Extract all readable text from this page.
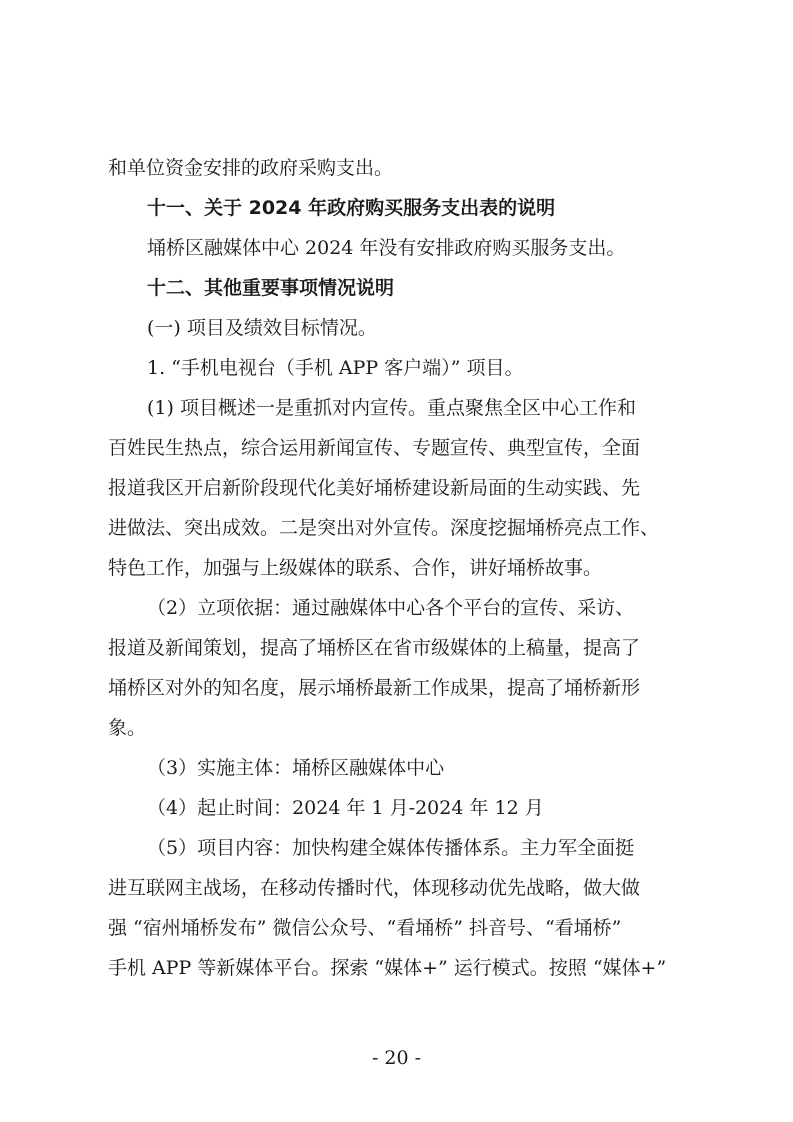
和单位资金安排的政府采购支出。
十一、关于 2024 年政府购买服务支出表的说明
埇桥区融媒体中心 2024 年没有安排政府购买服务支出。
十二、其他重要事项情况说明
(一) 项目及绩效目标情况。
1. “手机电视台（手机 APP 客户端）” 项目。
(1) 项目概述一是重抓对内宣传。重点聚焦全区中心工作和
百姓民生热点，综合运用新闻宣传、专题宣传、典型宣传，全面
报道我区开启新阶段现代化美好埇桥建设新局面的生动实践、先
进做法、突出成效。二是突出对外宣传。深度挖掘埇桥亮点工作、
特色工作，加强与上级媒体的联系、合作，讲好埇桥故事。
（2）立项依据：通过融媒体中心各个平台的宣传、采访、
报道及新闻策划，提高了埇桥区在省市级媒体的上稿量，提高了
埇桥区对外的知名度，展示埇桥最新工作成果，提高了埇桥新形
象。
（3）实施主体：埇桥区融媒体中心
（4）起止时间：2024 年 1 月-2024 年 12 月
（5）项目内容：加快构建全媒体传播体系。主力军全面挺
进互联网主战场，在移动传播时代，体现移动优先战略，做大做
强 “宿州埇桥发布” 微信公众号、“看埇桥” 抖音号、“看埇桥”
手机 APP 等新媒体平台。探索 “媒体+” 运行模式。按照 “媒体+”
- 20 -
